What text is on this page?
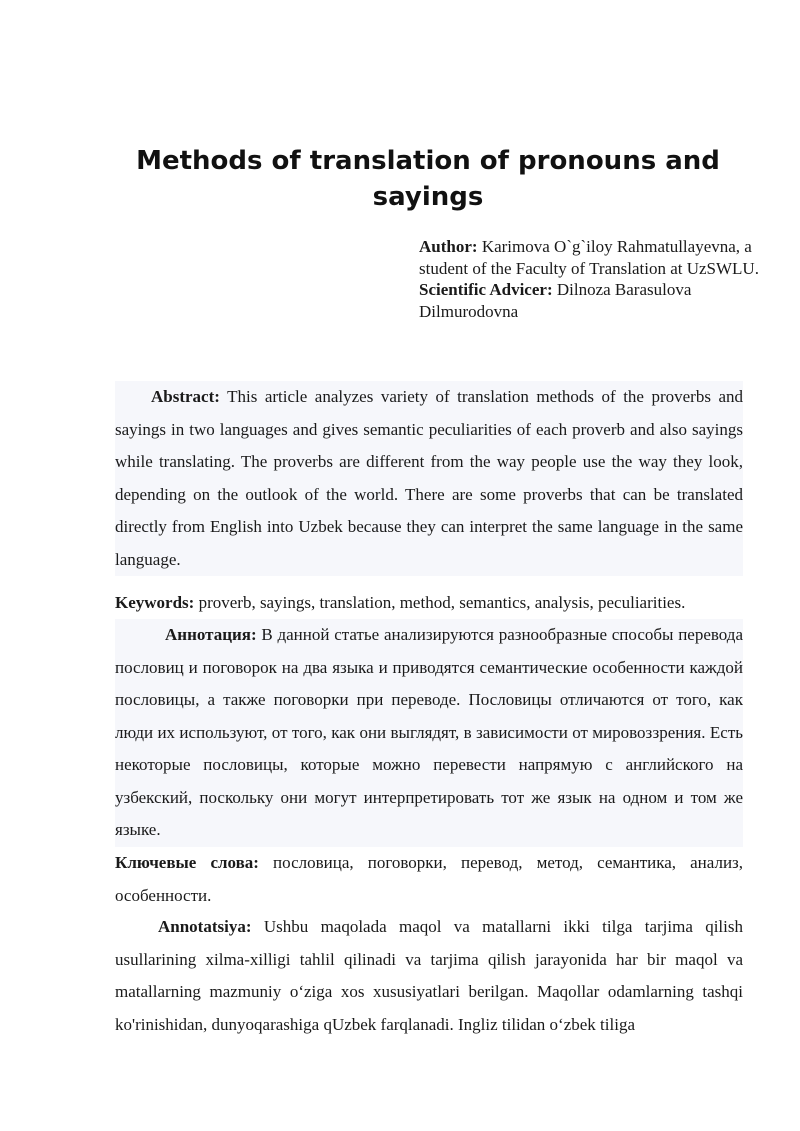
Methods of translation of pronouns and
sayings
Author: Karimova O`g`iloy Rahmatullayevna, a student of the Faculty of Translation at UzSWLU.
Scientific Advicer: Dilnoza Barasulova Dilmurodovna
Abstract: This article analyzes variety of translation methods of the proverbs and sayings in two languages and gives semantic peculiarities of each proverb and also sayings while translating. The proverbs are different from the way people use the way they look, depending on the outlook of the world. There are some proverbs that can be translated directly from English into Uzbek because they can interpret the same language in the same language.
Keywords: proverb, sayings, translation, method, semantics, analysis, peculiarities.
Аннотация: В данной статье анализируются разнообразные способы перевода пословиц и поговорок на два языка и приводятся семантические особенности каждой пословицы, а также поговорки при переводе. Пословицы отличаются от того, как люди их используют, от того, как они выглядят, в зависимости от мировоззрения. Есть некоторые пословицы, которые можно перевести напрямую с английского на узбекский, поскольку они могут интерпретировать тот же язык на одном и том же языке.
Ключевые слова: пословица, поговорки, перевод, метод, семантика, анализ, особенности.
Annotatsiya: Ushbu maqolada maqol va matallarni ikki tilga tarjima qilish usullarining xilma-xilligi tahlil qilinadi va tarjima qilish jarayonida har bir maqol va matallarning mazmuniy o‘ziga xos xususiyatlari berilgan. Maqollar odamlarning tashqi ko'rinishidan, dunyoqarashiga qUzbek farqlanadi. Ingliz tilidan o‘zbek tiliga
